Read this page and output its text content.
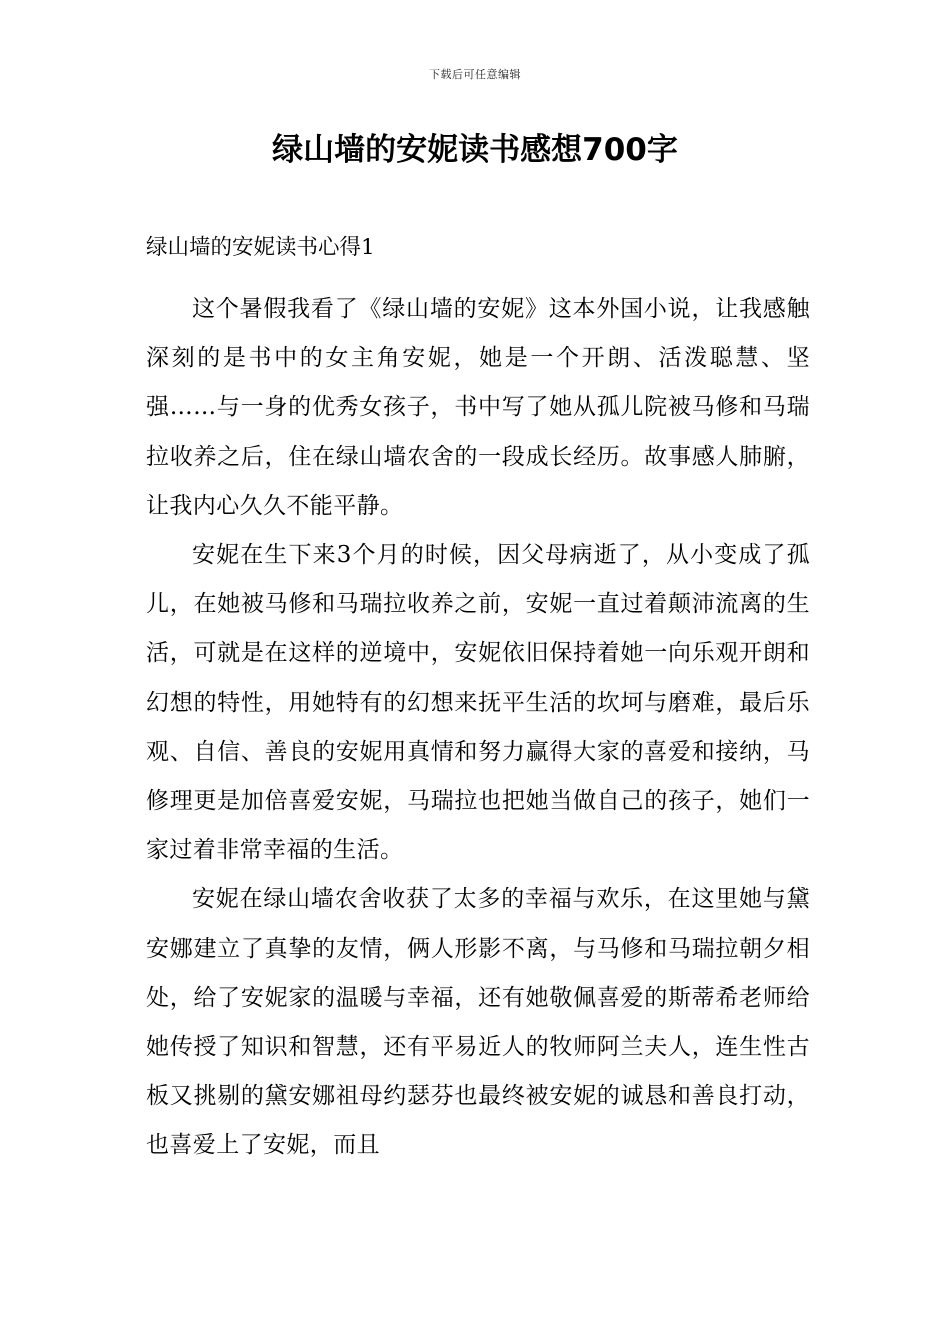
下载后可任意编辑
绿山墙的安妮读书感想700字

绿山墙的安妮读书心得1

这个暑假我看了《绿山墙的安妮》这本外国小说，让我感触深刻的是书中的女主角安妮，她是一个开朗、活泼聪慧、坚强……与一身的优秀女孩子，书中写了她从孤儿院被马修和马瑞拉收养之后，住在绿山墙农舍的一段成长经历。故事感人肺腑，让我内心久久不能平静。

安妮在生下来3个月的时候，因父母病逝了，从小变成了孤儿，在她被马修和马瑞拉收养之前，安妮一直过着颠沛流离的生活，可就是在这样的逆境中，安妮依旧保持着她一向乐观开朗和幻想的特性，用她特有的幻想来抚平生活的坎坷与磨难，最后乐观、自信、善良的安妮用真情和努力赢得大家的喜爱和接纳，马修理更是加倍喜爱安妮，马瑞拉也把她当做自己的孩子，她们一家过着非常幸福的生活。

安妮在绿山墙农舍收获了太多的幸福与欢乐，在这里她与黛安娜建立了真挚的友情，俩人形影不离，与马修和马瑞拉朝夕相处，给了安妮家的温暖与幸福，还有她敬佩喜爱的斯蒂希老师给她传授了知识和智慧，还有平易近人的牧师阿兰夫人，连生性古板又挑剔的黛安娜祖母约瑟芬也最终被安妮的诚恳和善良打动，也喜爱上了安妮，而且
